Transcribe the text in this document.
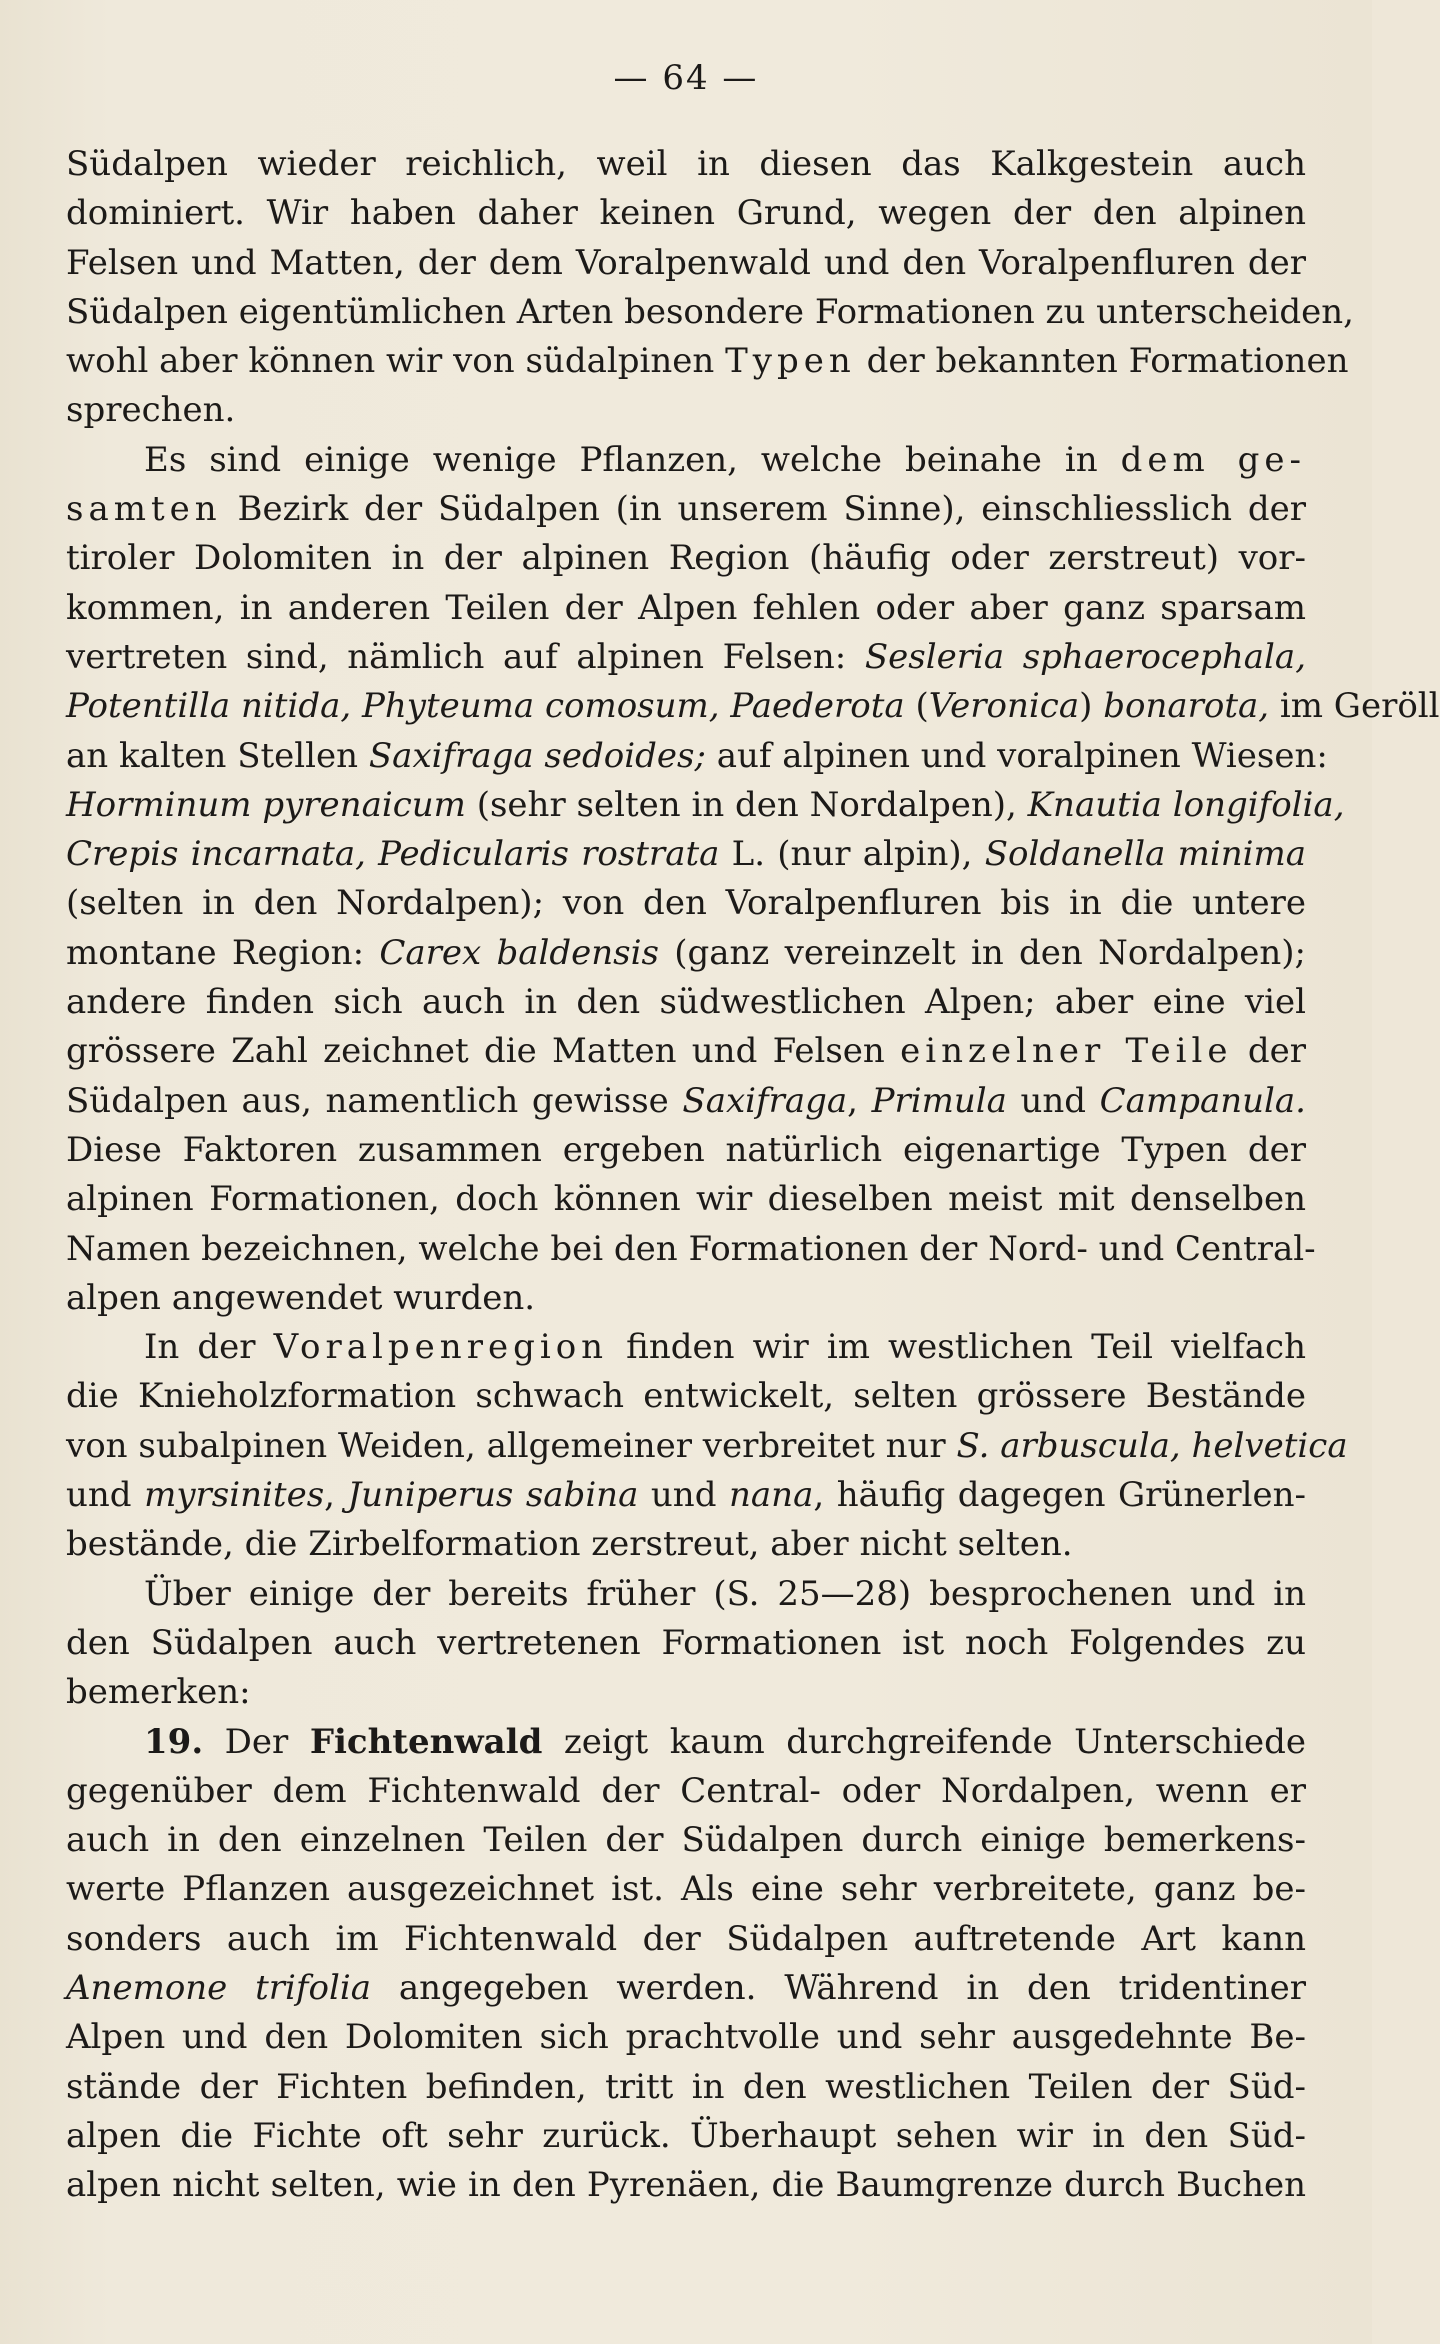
— 64 —
Südalpen wieder reichlich, weil in diesen das Kalkgestein auch
dominiert. Wir haben daher keinen Grund, wegen der den alpinen
Felsen und Matten, der dem Voralpenwald und den Voralpenfluren der
Südalpen eigentümlichen Arten besondere Formationen zu unterscheiden,
wohl aber können wir von südalpinen Typen der bekannten Formationen
sprechen.
Es sind einige wenige Pflanzen, welche beinahe in dem ge-
samten Bezirk der Südalpen (in unserem Sinne), einschliesslich der
tiroler Dolomiten in der alpinen Region (häufig oder zerstreut) vor-
kommen, in anderen Teilen der Alpen fehlen oder aber ganz sparsam
vertreten sind, nämlich auf alpinen Felsen: Sesleria sphaerocephala,
Potentilla nitida, Phyteuma comosum, Paederota (Veronica) bonarota, im Geröll
an kalten Stellen Saxifraga sedoides; auf alpinen und voralpinen Wiesen:
Horminum pyrenaicum (sehr selten in den Nordalpen), Knautia longifolia,
Crepis incarnata, Pedicularis rostrata L. (nur alpin), Soldanella minima
(selten in den Nordalpen); von den Voralpenfluren bis in die untere
montane Region: Carex baldensis (ganz vereinzelt in den Nordalpen);
andere finden sich auch in den südwestlichen Alpen; aber eine viel
grössere Zahl zeichnet die Matten und Felsen einzelner Teile der
Südalpen aus, namentlich gewisse Saxifraga, Primula und Campanula.
Diese Faktoren zusammen ergeben natürlich eigenartige Typen der
alpinen Formationen, doch können wir dieselben meist mit denselben
Namen bezeichnen, welche bei den Formationen der Nord- und Central-
alpen angewendet wurden.
In der Voralpenregion finden wir im westlichen Teil vielfach
die Knieholzformation schwach entwickelt, selten grössere Bestände
von subalpinen Weiden, allgemeiner verbreitet nur S. arbuscula, helvetica
und myrsinites, Juniperus sabina und nana, häufig dagegen Grünerlen-
bestände, die Zirbelformation zerstreut, aber nicht selten.
Über einige der bereits früher (S. 25—28) besprochenen und in
den Südalpen auch vertretenen Formationen ist noch Folgendes zu
bemerken:
19. Der Fichtenwald zeigt kaum durchgreifende Unterschiede
gegenüber dem Fichtenwald der Central- oder Nordalpen, wenn er
auch in den einzelnen Teilen der Südalpen durch einige bemerkens-
werte Pflanzen ausgezeichnet ist. Als eine sehr verbreitete, ganz be-
sonders auch im Fichtenwald der Südalpen auftretende Art kann
Anemone trifolia angegeben werden. Während in den tridentiner
Alpen und den Dolomiten sich prachtvolle und sehr ausgedehnte Be-
stände der Fichten befinden, tritt in den westlichen Teilen der Süd-
alpen die Fichte oft sehr zurück. Überhaupt sehen wir in den Süd-
alpen nicht selten, wie in den Pyrenäen, die Baumgrenze durch Buchen
